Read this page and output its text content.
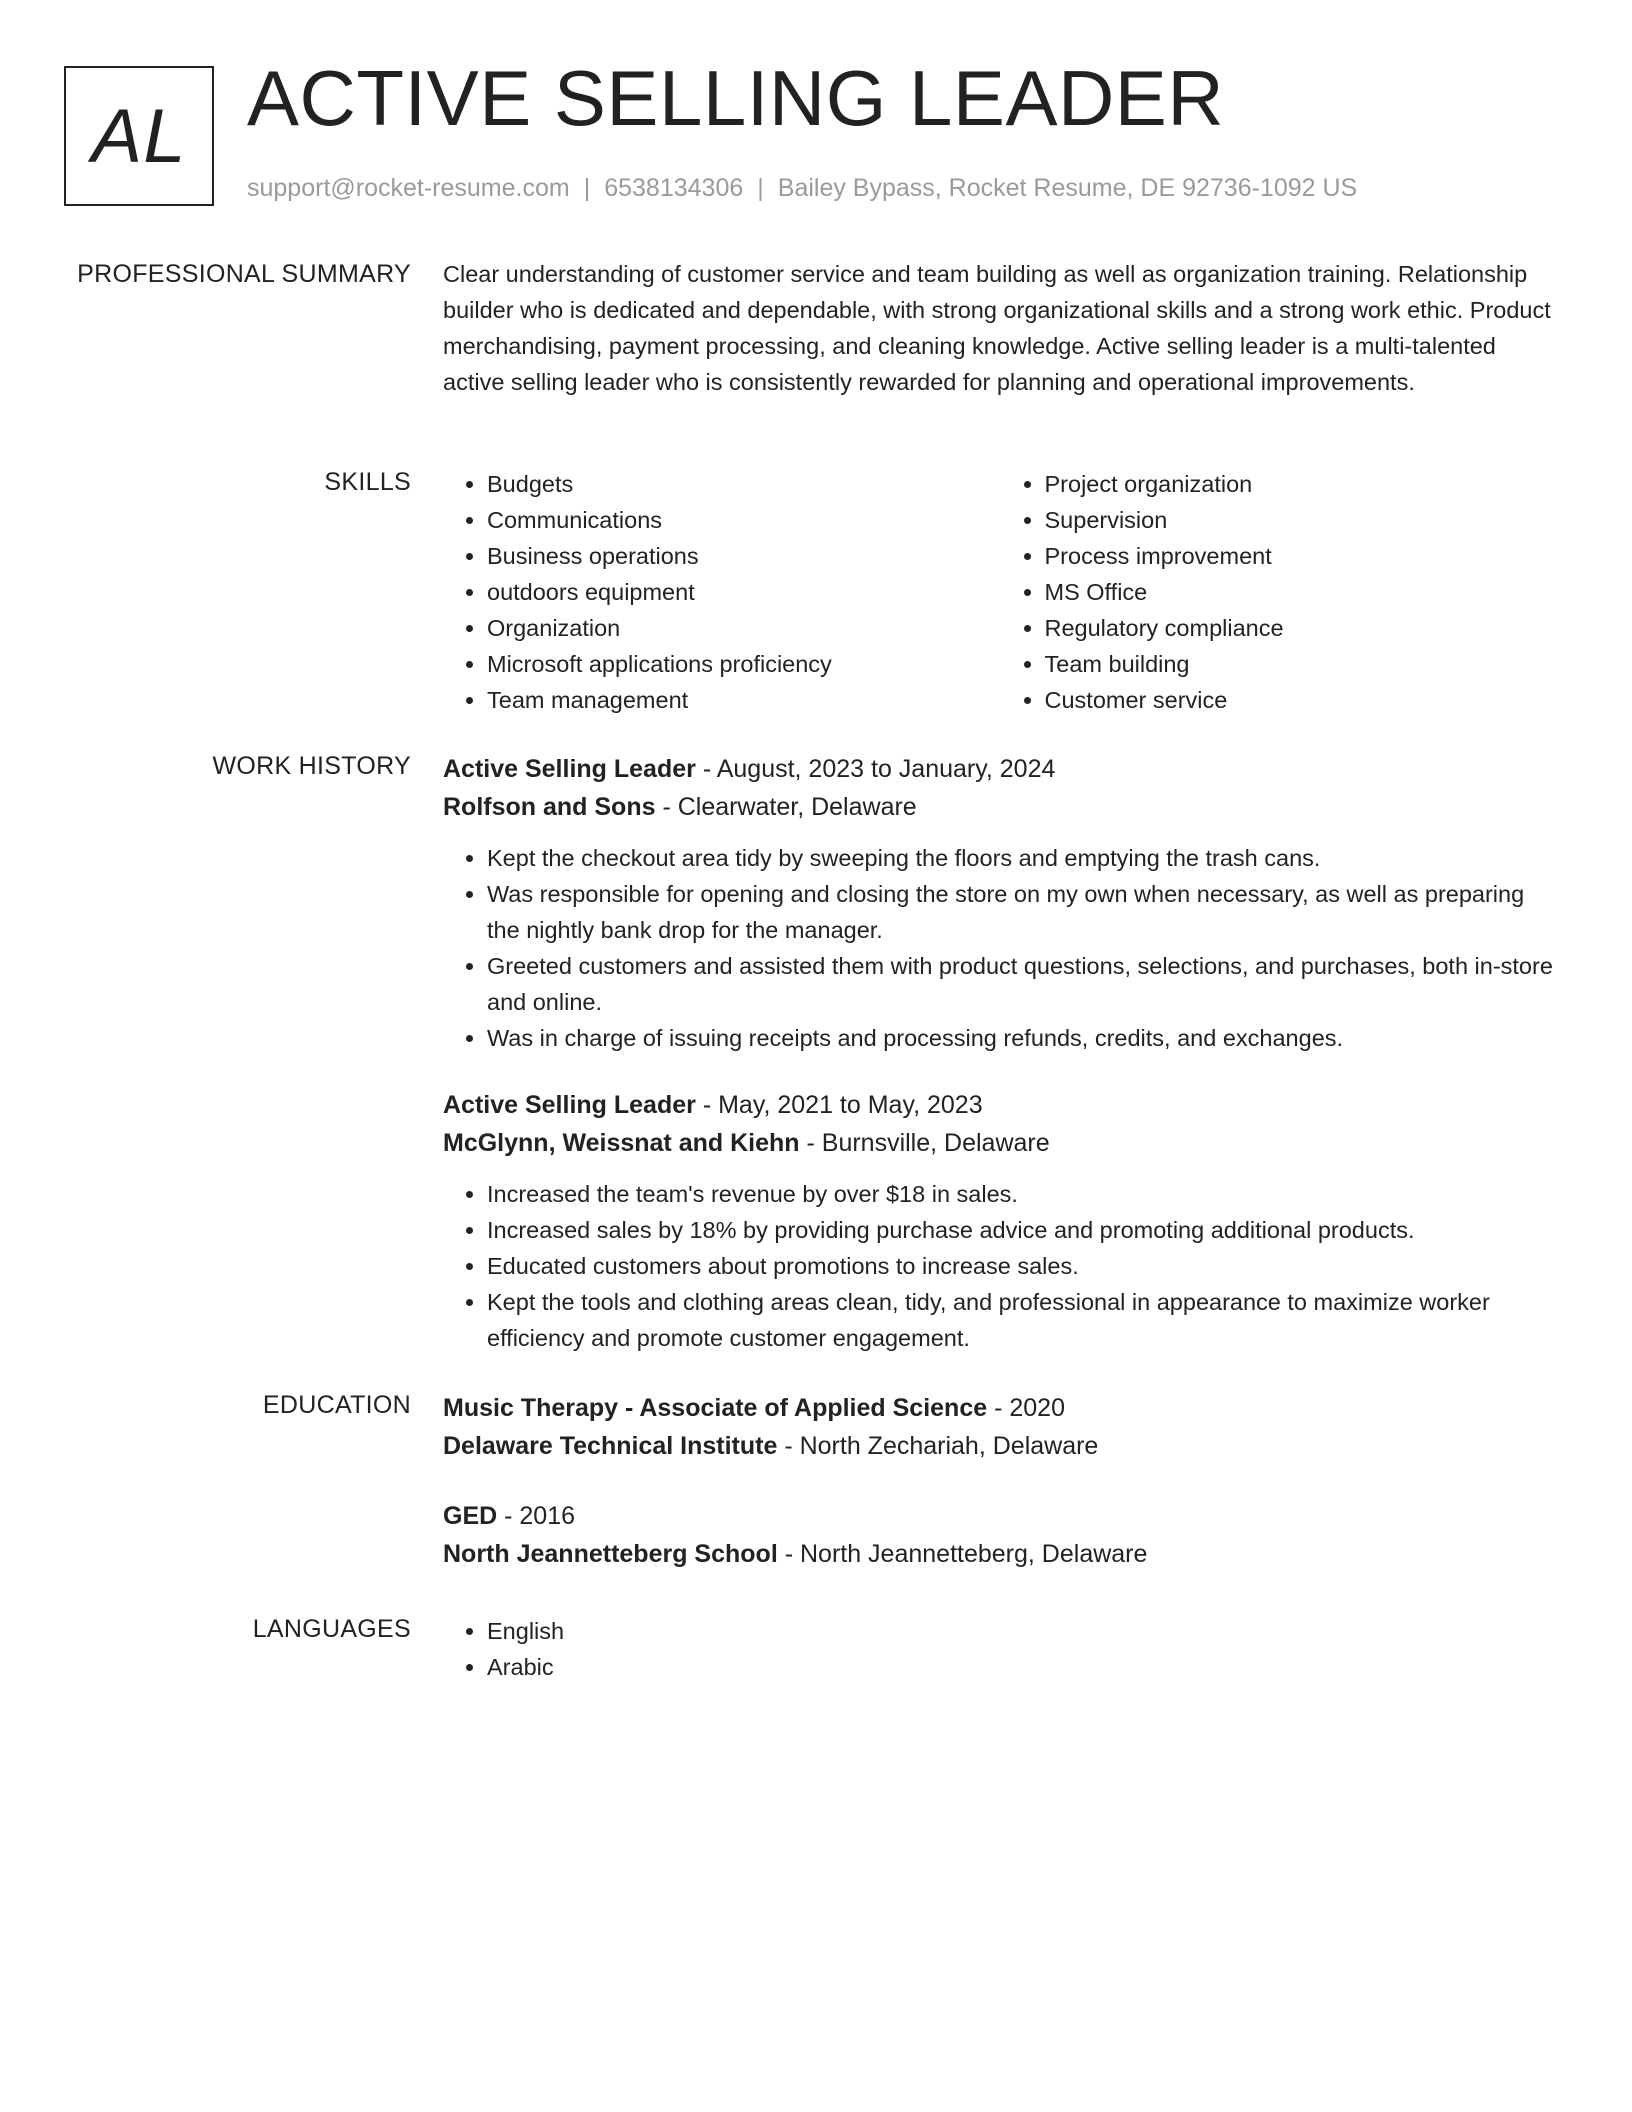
AL ACTIVE SELLING LEADER
support@rocket-resume.com | 6538134306 | Bailey Bypass, Rocket Resume, DE 92736-1092 US
PROFESSIONAL SUMMARY Clear understanding of customer service and team building as well as organization training. Relationship builder who is dedicated and dependable, with strong organizational skills and a strong work ethic. Product merchandising, payment processing, and cleaning knowledge. Active selling leader is a multi-talented active selling leader who is consistently rewarded for planning and operational improvements.
SKILLS	• Budgets
• Communications
• Business operations
• outdoors equipment
• Organization
• Microsoft applications proficiency
• Team management
• Project organization
• Supervision
• Process improvement
• MS Office
• Regulatory compliance
• Team building
• Customer service
WORK HISTORY Active Selling Leader - August, 2023 to January, 2024
Rolfson and Sons - Clearwater, Delaware
• Kept the checkout area tidy by sweeping the floors and emptying the trash cans.
• Was responsible for opening and closing the store on my own when necessary, as well as preparing the nightly bank drop for the manager.
• Greeted customers and assisted them with product questions, selections, and purchases, both in-store and online.
• Was in charge of issuing receipts and processing refunds, credits, and exchanges.
Active Selling Leader - May, 2021 to May, 2023
McGlynn, Weissnat and Kiehn - Burnsville, Delaware
• Increased the team's revenue by over $18 in sales.
• Increased sales by 18% by providing purchase advice and promoting additional products.
• Educated customers about promotions to increase sales.
• Kept the tools and clothing areas clean, tidy, and professional in appearance to maximize worker efficiency and promote customer engagement.
EDUCATION Music Therapy - Associate of Applied Science - 2020
Delaware Technical Institute - North Zechariah, Delaware
GED - 2016
North Jeannetteberg School - North Jeannetteberg, Delaware
LANGUAGES	• English
• Arabic
